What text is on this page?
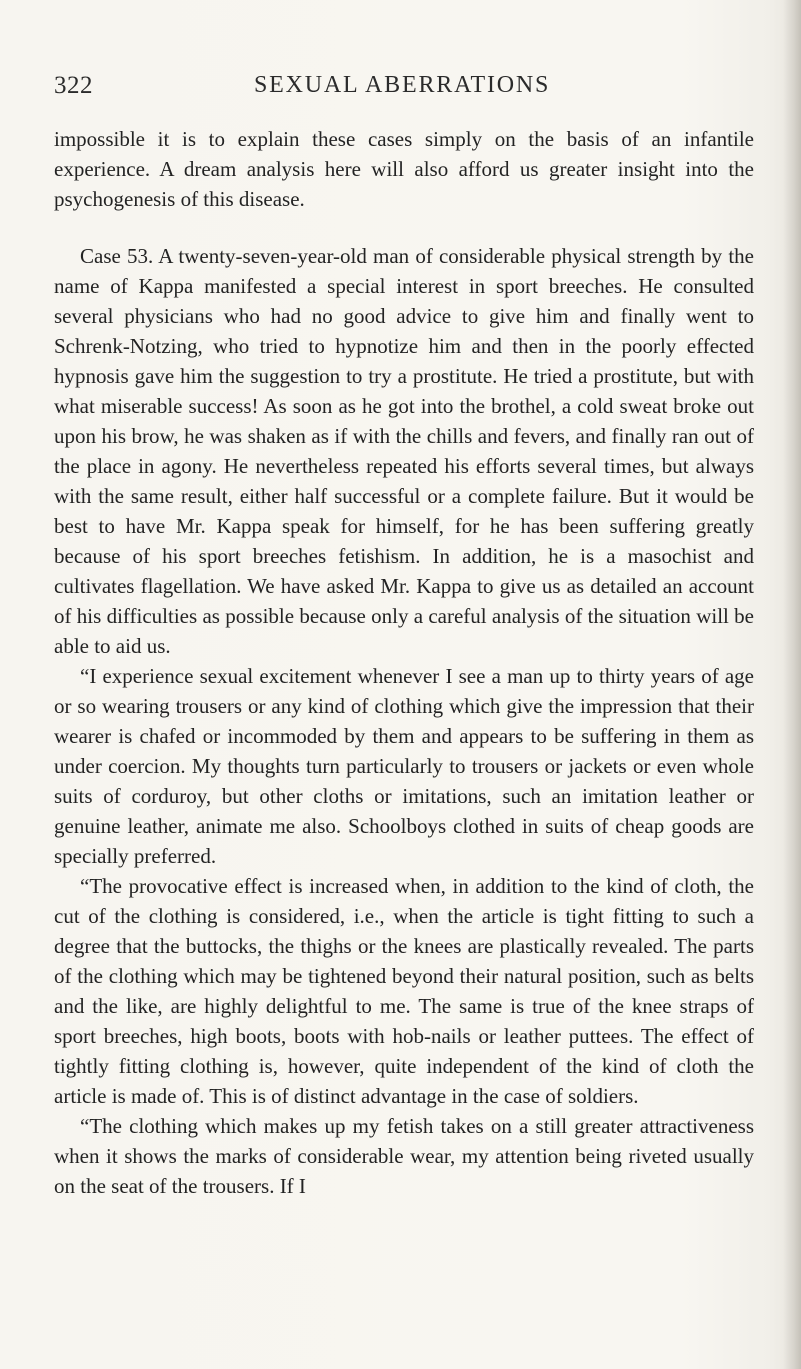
322	SEXUAL ABERRATIONS

impossible it is to explain these cases simply on the basis of an infantile experience. A dream analysis here will also afford us greater insight into the psychogenesis of this disease.

Case 53. A twenty-seven-year-old man of considerable physical strength by the name of Kappa manifested a special interest in sport breeches. He consulted several physicians who had no good advice to give him and finally went to Schrenk-Notzing, who tried to hypnotize him and then in the poorly effected hypnosis gave him the suggestion to try a prostitute. He tried a prostitute, but with what miserable success! As soon as he got into the brothel, a cold sweat broke out upon his brow, he was shaken as if with the chills and fevers, and finally ran out of the place in agony. He nevertheless repeated his efforts several times, but always with the same result, either half successful or a complete failure. But it would be best to have Mr. Kappa speak for himself, for he has been suffering greatly because of his sport breeches fetishism. In addition, he is a masochist and cultivates flagellation. We have asked Mr. Kappa to give us as detailed an account of his difficulties as possible because only a careful analysis of the situation will be able to aid us.

“I experience sexual excitement whenever I see a man up to thirty years of age or so wearing trousers or any kind of clothing which give the impression that their wearer is chafed or incommoded by them and appears to be suffering in them as under coercion. My thoughts turn particularly to trousers or jackets or even whole suits of corduroy, but other cloths or imitations, such an imitation leather or genuine leather, animate me also. Schoolboys clothed in suits of cheap goods are specially preferred.

“The provocative effect is increased when, in addition to the kind of cloth, the cut of the clothing is considered, i.e., when the article is tight fitting to such a degree that the buttocks, the thighs or the knees are plastically revealed. The parts of the clothing which may be tightened beyond their natural position, such as belts and the like, are highly delightful to me. The same is true of the knee straps of sport breeches, high boots, boots with hob-nails or leather puttees. The effect of tightly fitting clothing is, however, quite independent of the kind of cloth the article is made of. This is of distinct advantage in the case of soldiers.

“The clothing which makes up my fetish takes on a still greater attractiveness when it shows the marks of considerable wear, my attention being riveted usually on the seat of the trousers. If I
